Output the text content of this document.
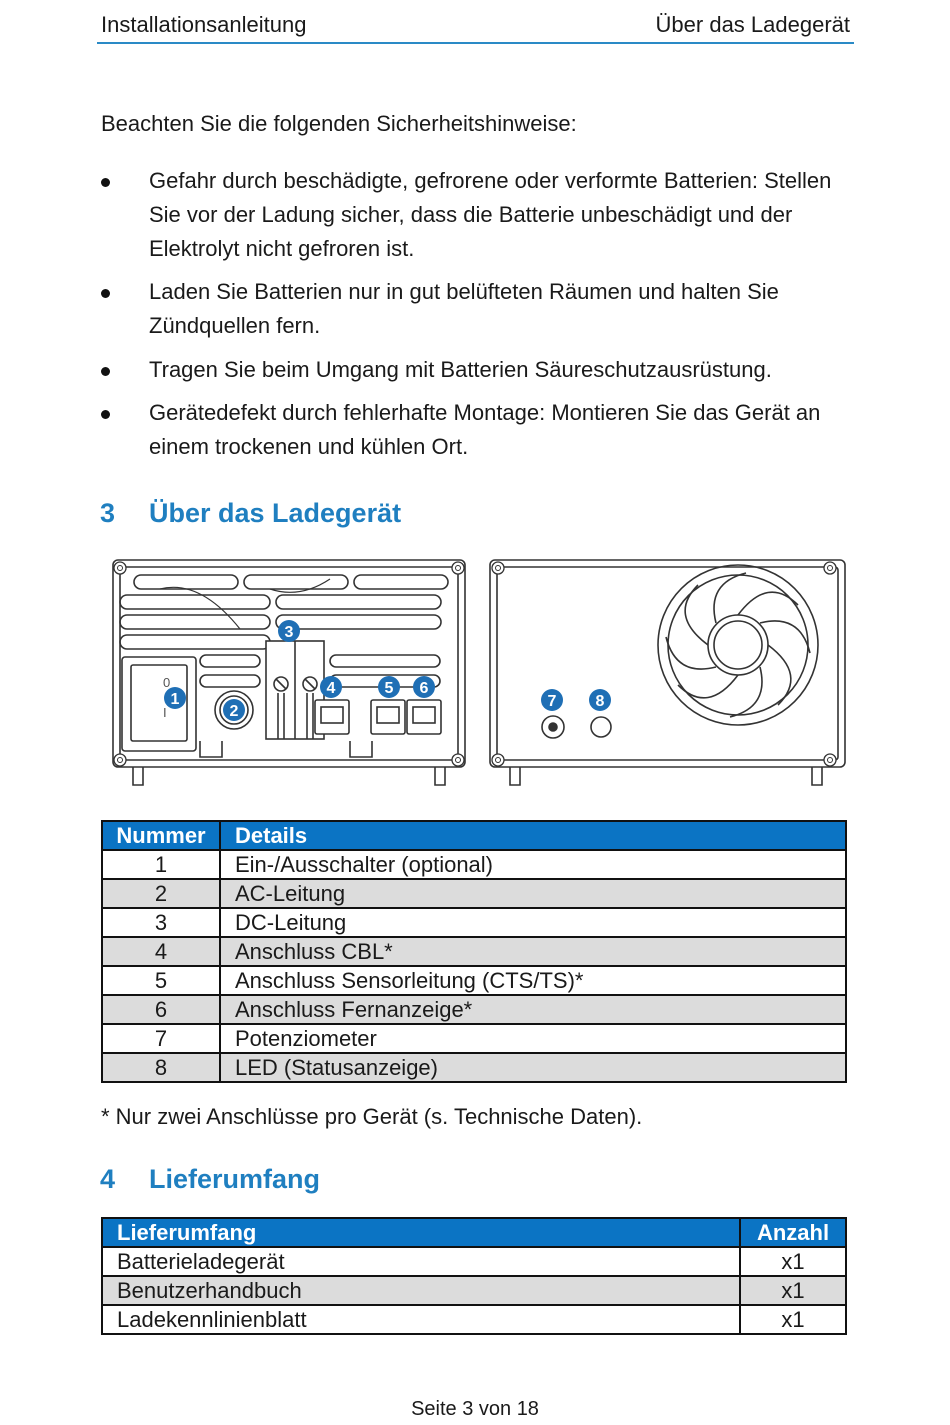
Installationsanleitung	Über das Ladegerät
Beachten Sie die folgenden Sicherheitshinweise:
Gefahr durch beschädigte, gefrorene oder verformte Batterien: Stellen
Sie vor der Ladung sicher, dass die Batterie unbeschädigt und der
Elektrolyt nicht gefroren ist.
Laden Sie Batterien nur in gut belüfteten Räumen und halten Sie
Zündquellen fern.
Tragen Sie beim Umgang mit Batterien Säureschutzausrüstung.
Gerätedefekt durch fehlerhafte Montage: Montieren Sie das Gerät an
einem trockenen und kühlen Ort.
3 Über das Ladegerät
0
I
1
2
3
4	5 6
7 8
Nummer	Details
1	Ein-/Ausschalter (optional)
2	AC-Leitung
3	DC-Leitung
4	Anschluss CBL*
5	Anschluss Sensorleitung (CTS/TS)*
6	Anschluss Fernanzeige*
7	Potenziometer
8	LED (Statusanzeige)
* Nur zwei Anschlüsse pro Gerät (s. Technische Daten).
4 Lieferumfang
Lieferumfang	Anzahl
Batterieladegerät	x1
Benutzerhandbuch	x1
Ladekennlinienblatt	x1
Seite 3 von 18
